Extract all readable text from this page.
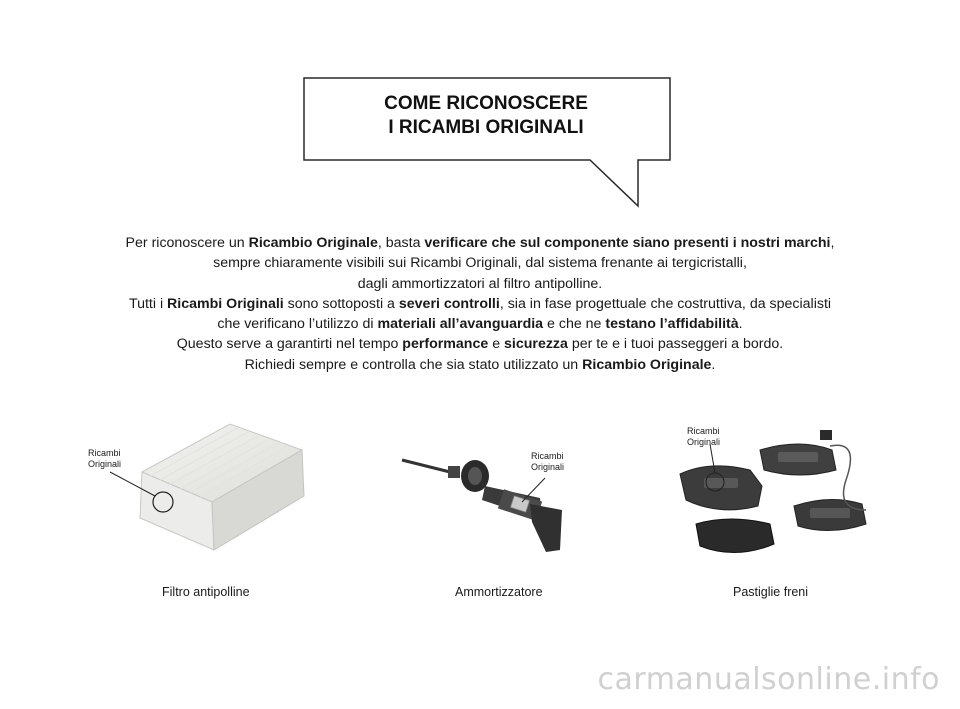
COME RICONOSCERE
I RICAMBI ORIGINALI
Per riconoscere un Ricambio Originale, basta verificare che sul componente siano presenti i nostri marchi,
sempre chiaramente visibili sui Ricambi Originali, dal sistema frenante ai tergicristalli,
dagli ammortizzatori al filtro antipolline.
Tutti i Ricambi Originali sono sottoposti a severi controlli, sia in fase progettuale che costruttiva, da specialisti
che verificano l’utilizzo di materiali all’avanguardia e che ne testano l’affidabilità.
Questo serve a garantirti nel tempo performance e sicurezza per te e i tuoi passeggeri a bordo.
Richiedi sempre e controlla che sia stato utilizzato un Ricambio Originale.
Ricambi
Originali
Filtro antipolline
Ricambi
Originali
Ammortizzatore
Ricambi
Originali
Pastiglie freni
carmanualsonline.info
